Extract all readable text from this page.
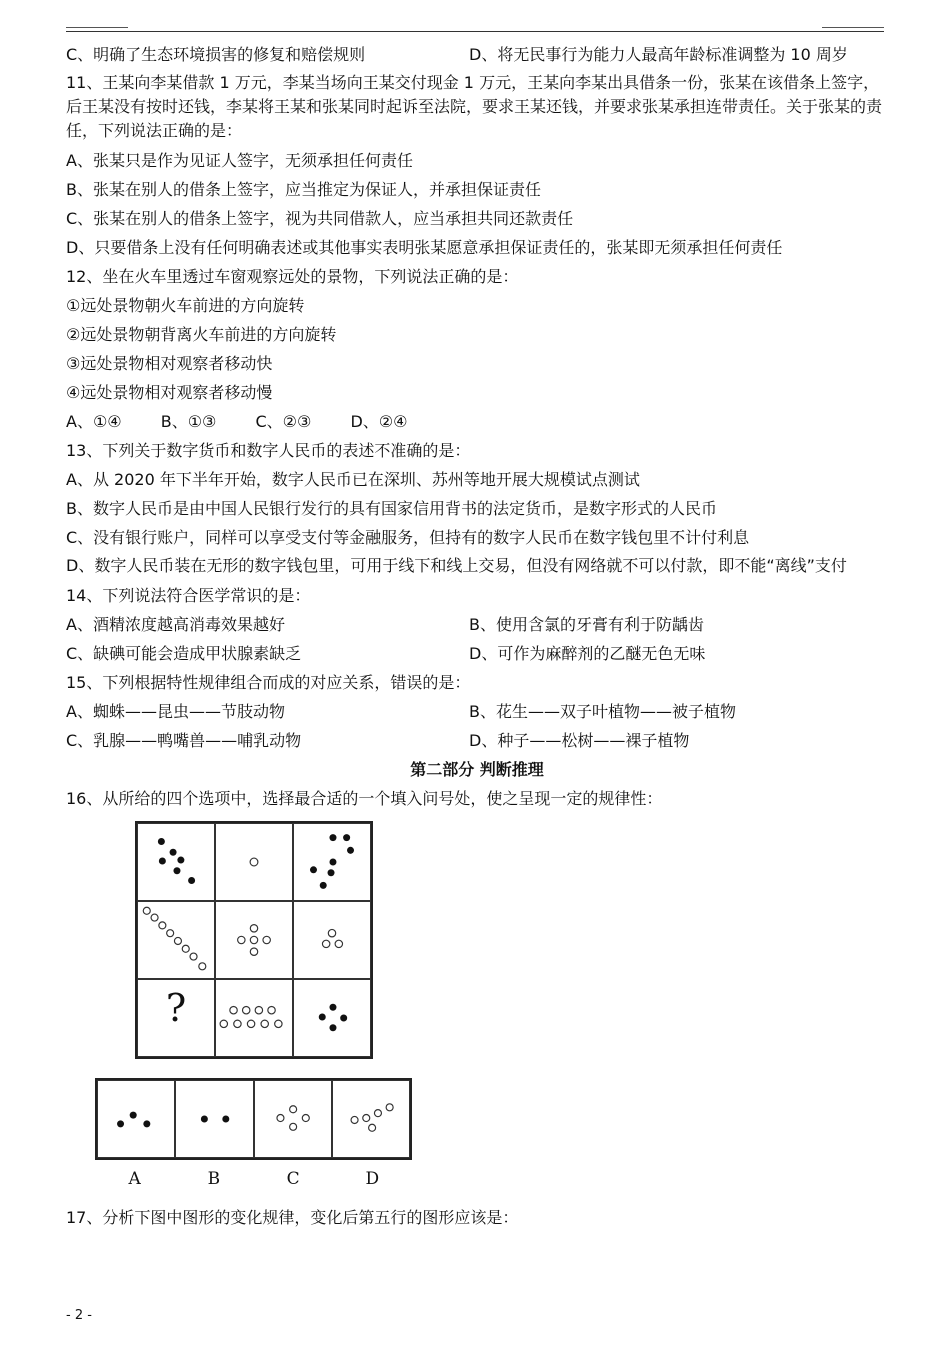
C、明确了生态环境损害的修复和赔偿规则	D、将无民事行为能力人最高年龄标准调整为 10 周岁
11、王某向李某借款 1 万元，李某当场向王某交付现金 1 万元，王某向李某出具借条一份，张某在该借条上签字，后王某没有按时还钱，李某将王某和张某同时起诉至法院，要求王某还钱，并要求张某承担连带责任。关于张某的责任，下列说法正确的是：
A、张某只是作为见证人签字，无须承担任何责任
B、张某在别人的借条上签字，应当推定为保证人，并承担保证责任
C、张某在别人的借条上签字，视为共同借款人，应当承担共同还款责任
D、只要借条上没有任何明确表述或其他事实表明张某愿意承担保证责任的，张某即无须承担任何责任
12、坐在火车里透过车窗观察远处的景物，下列说法正确的是：
①远处景物朝火车前进的方向旋转
②远处景物朝背离火车前进的方向旋转
③远处景物相对观察者移动快
④远处景物相对观察者移动慢
A、①④ B、①③ C、②③ D、②④
13、下列关于数字货币和数字人民币的表述不准确的是：
A、从 2020 年下半年开始，数字人民币已在深圳、苏州等地开展大规模试点测试
B、数字人民币是由中国人民银行发行的具有国家信用背书的法定货币，是数字形式的人民币
C、没有银行账户，同样可以享受支付等金融服务，但持有的数字人民币在数字钱包里不计付利息
D、数字人民币装在无形的数字钱包里，可用于线下和线上交易，但没有网络就不可以付款，即不能“离线”支付
14、下列说法符合医学常识的是：
A、酒精浓度越高消毒效果越好	B、使用含氯的牙膏有利于防龋齿
C、缺碘可能会造成甲状腺素缺乏	D、可作为麻醉剂的乙醚无色无味
15、下列根据特性规律组合而成的对应关系，错误的是：
A、蜘蛛——昆虫——节肢动物	B、花生——双子叶植物——被子植物
C、乳腺——鸭嘴兽——哺乳动物	D、种子——松树——裸子植物
第二部分 判断推理
16、从所给的四个选项中，选择最合适的一个填入问号处，使之呈现一定的规律性：
?
A	B	C	D
17、分析下图中图形的变化规律，变化后第五行的图形应该是：
- 2 -
